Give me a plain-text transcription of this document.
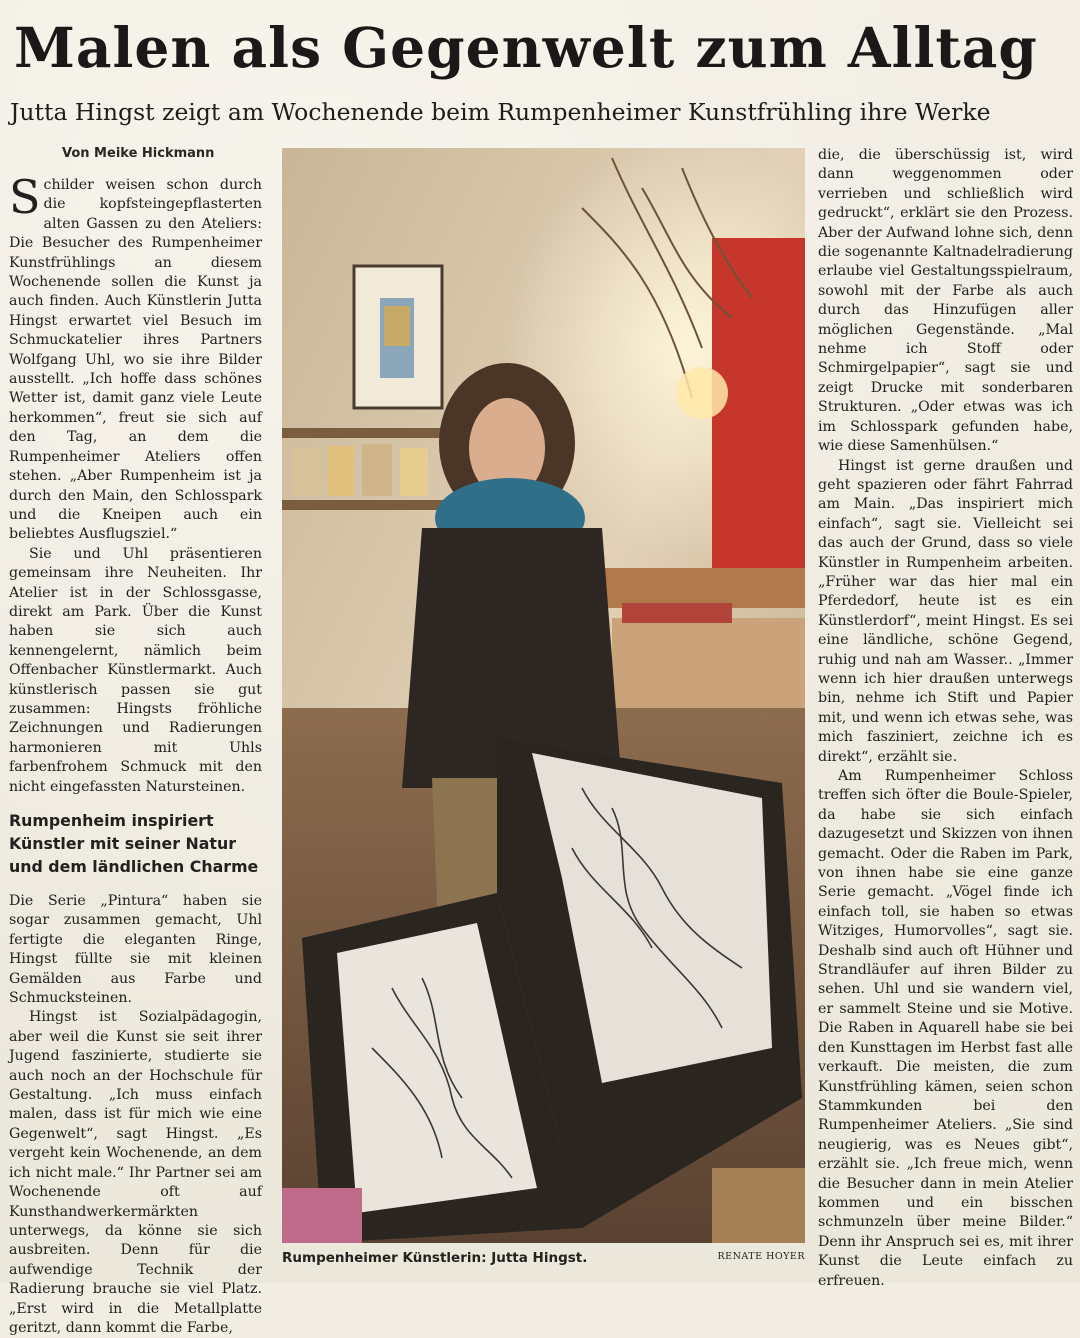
Malen als Gegenwelt zum Alltag
Jutta Hingst zeigt am Wochenende beim Rumpenheimer Kunstfrühling ihre Werke
Von Meike Hickmann

Schilder weisen schon durch die kopfsteingepflasterten alten Gassen zu den Ateliers: Die Besucher des Rumpenheimer Kunstfrühlings an diesem Wochenende sollen die Kunst ja auch finden. Auch Künstlerin Jutta Hingst erwartet viel Besuch im Schmuckatelier ihres Partners Wolfgang Uhl, wo sie ihre Bilder ausstellt. „Ich hoffe dass schönes Wetter ist, damit ganz viele Leute herkommen“, freut sie sich auf den Tag, an dem die Rumpenheimer Ateliers offen stehen. „Aber Rumpenheim ist ja durch den Main, den Schlosspark und die Kneipen auch ein beliebtes Ausflugsziel.“

Sie und Uhl präsentieren gemeinsam ihre Neuheiten. Ihr Atelier ist in der Schlossgasse, direkt am Park. Über die Kunst haben sie sich auch kennengelernt, nämlich beim Offenbacher Künstlermarkt. Auch künstlerisch passen sie gut zusammen: Hingsts fröhliche Zeichnungen und Radierungen harmonieren mit Uhls farbenfrohem Schmuck mit den nicht eingefassten Natursteinen.

Rumpenheim inspiriert Künstler mit seiner Natur und dem ländlichen Charme

Die Serie „Pintura“ haben sie sogar zusammen gemacht, Uhl fertigte die eleganten Ringe, Hingst füllte sie mit kleinen Gemälden aus Farbe und Schmucksteinen.

Hingst ist Sozialpädagogin, aber weil die Kunst sie seit ihrer Jugend faszinierte, studierte sie auch noch an der Hochschule für Gestaltung. „Ich muss einfach malen, dass ist für mich wie eine Gegenwelt“, sagt Hingst. „Es vergeht kein Wochenende, an dem ich nicht male.“ Ihr Partner sei am Wochenende oft auf Kunsthandwerkermärkten unterwegs, da könne sie sich ausbreiten. Denn für die aufwendige Technik der Radierung brauche sie viel Platz. „Erst wird in die Metallplatte geritzt, dann kommt die Farbe,

Rumpenheimer Künstlerin: Jutta Hingst.	RENATE HOYER

die, die überschüssig ist, wird dann weggenommen oder verrieben und schließlich wird gedruckt“, erklärt sie den Prozess. Aber der Aufwand lohne sich, denn die sogenannte Kaltnadelradierung erlaube viel Gestaltungsspielraum, sowohl mit der Farbe als auch durch das Hinzufügen aller möglichen Gegenstände. „Mal nehme ich Stoff oder Schmirgelpapier“, sagt sie und zeigt Drucke mit sonderbaren Strukturen. „Oder etwas was ich im Schlosspark gefunden habe, wie diese Samenhülsen.“

Hingst ist gerne draußen und geht spazieren oder fährt Fahrrad am Main. „Das inspiriert mich einfach“, sagt sie. Vielleicht sei das auch der Grund, dass so viele Künstler in Rumpenheim arbeiten. „Früher war das hier mal ein Pferdedorf, heute ist es ein Künstlerdorf“, meint Hingst. Es sei eine ländliche, schöne Gegend, ruhig und nah am Wasser.. „Immer wenn ich hier draußen unterwegs bin, nehme ich Stift und Papier mit, und wenn ich etwas sehe, was mich fasziniert, zeichne ich es direkt“, erzählt sie.

Am Rumpenheimer Schloss treffen sich öfter die Boule-Spieler, da habe sie sich einfach dazugesetzt und Skizzen von ihnen gemacht. Oder die Raben im Park, von ihnen habe sie eine ganze Serie gemacht. „Vögel finde ich einfach toll, sie haben so etwas Witziges, Humorvolles“, sagt sie. Deshalb sind auch oft Hühner und Strandläufer auf ihren Bilder zu sehen. Uhl und sie wandern viel, er sammelt Steine und sie Motive. Die Raben in Aquarell habe sie bei den Kunsttagen im Herbst fast alle verkauft. Die meisten, die zum Kunstfrühling kämen, seien schon Stammkunden bei den Rumpenheimer Ateliers. „Sie sind neugierig, was es Neues gibt“, erzählt sie. „Ich freue mich, wenn die Besucher dann in mein Atelier kommen und ein bisschen schmunzeln über meine Bilder.“ Denn ihr Anspruch sei es, mit ihrer Kunst die Leute einfach zu erfreuen.
